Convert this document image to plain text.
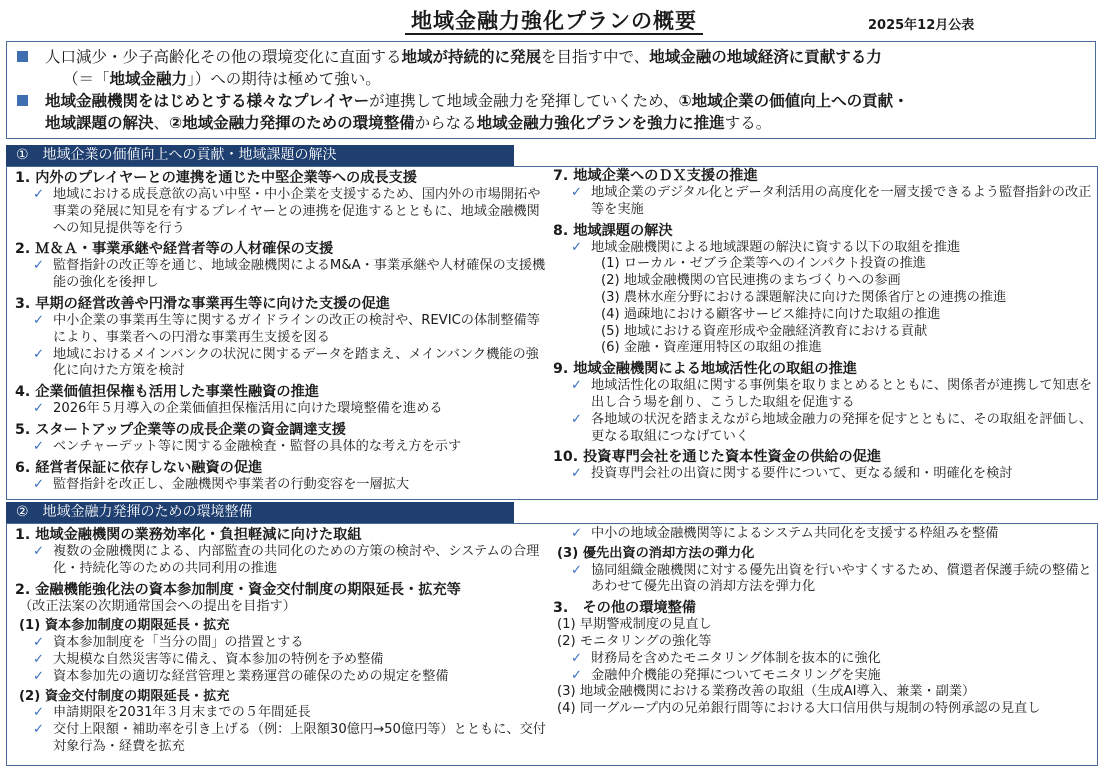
地域金融力強化プランの概要	2025年12月公表
人口減少・少子高齢化その他の環境変化に直面する地域が持続的に発展を目指す中で、地域金融の地域経済に貢献する力
（＝「地域金融力」）への期待は極めて強い。
地域金融機関をはじめとする様々なプレイヤーが連携して地域金融力を発揮していくため、①地域企業の価値向上への貢献・
地域課題の解決、②地域金融力発揮のための環境整備からなる地域金融力強化プランを強力に推進する。
①　地域企業の価値向上への貢献・地域課題の解決
1. 内外のプレイヤーとの連携を通じた中堅企業等への成長支援
✓ 地域における成長意欲の高い中堅・中小企業を支援するため、国内外の市場開拓や事業の発展に知見を有するプレイヤーとの連携を促進するとともに、地域金融機関への知見提供等を行う
2. Ｍ＆Ａ・事業承継や経営者等の人材確保の支援
✓ 監督指針の改正等を通じ、地域金融機関によるM&A・事業承継や人材確保の支援機能の強化を後押し
3. 早期の経営改善や円滑な事業再生等に向けた支援の促進
✓ 中小企業の事業再生等に関するガイドラインの改正の検討や、REVICの体制整備等により、事業者への円滑な事業再生支援を図る
✓ 地域におけるメインバンクの状況に関するデータを踏まえ、メインバンク機能の強化に向けた方策を検討
4. 企業価値担保権も活用した事業性融資の推進
✓ 2026年５月導入の企業価値担保権活用に向けた環境整備を進める
5. スタートアップ企業等の成長企業の資金調達支援
✓ ベンチャーデット等に関する金融検査・監督の具体的な考え方を示す
6. 経営者保証に依存しない融資の促進
✓ 監督指針を改正し、金融機関や事業者の行動変容を一層拡大
7. 地域企業へのＤＸ支援の推進
✓ 地域企業のデジタル化とデータ利活用の高度化を一層支援できるよう監督指針の改正等を実施
8. 地域課題の解決
✓ 地域金融機関による地域課題の解決に資する以下の取組を推進
(1) ローカル・ゼブラ企業等へのインパクト投資の推進
(2) 地域金融機関の官民連携のまちづくりへの参画
(3) 農林水産分野における課題解決に向けた関係省庁との連携の推進
(4) 過疎地における顧客サービス維持に向けた取組の推進
(5) 地域における資産形成や金融経済教育における貢献
(6) 金融・資産運用特区の取組の推進
9. 地域金融機関による地域活性化の取組の推進
✓ 地域活性化の取組に関する事例集を取りまとめるとともに、関係者が連携して知恵を出し合う場を創り、こうした取組を促進する
✓ 各地域の状況を踏まえながら地域金融力の発揮を促すとともに、その取組を評価し、更なる取組につなげていく
10. 投資専門会社を通じた資本性資金の供給の促進
✓ 投資専門会社の出資に関する要件について、更なる緩和・明確化を検討
②　地域金融力発揮のための環境整備
1. 地域金融機関の業務効率化・負担軽減に向けた取組
✓ 複数の金融機関による、内部監査の共同化のための方策の検討や、システムの合理化・持続化等のための共同利用の推進
2. 金融機能強化法の資本参加制度・資金交付制度の期限延長・拡充等
（改正法案の次期通常国会への提出を目指す）
(1) 資本参加制度の期限延長・拡充
✓ 資本参加制度を「当分の間」の措置とする
✓ 大規模な自然災害等に備え、資本参加の特例を予め整備
✓ 資本参加先の適切な経営管理と業務運営の確保のための規定を整備
(2) 資金交付制度の期限延長・拡充
✓ 申請期限を2031年３月末までの５年間延長
✓ 交付上限額・補助率を引き上げる（例：上限額30億円→50億円等）とともに、交付対象行為・経費を拡充
✓ 中小の地域金融機関等によるシステム共同化を支援する枠組みを整備
(3) 優先出資の消却方法の弾力化
✓ 協同組織金融機関に対する優先出資を行いやすくするため、償還者保護手続の整備とあわせて優先出資の消却方法を弾力化
3.　その他の環境整備
(1) 早期警戒制度の見直し
(2) モニタリングの強化等
✓ 財務局を含めたモニタリング体制を抜本的に強化
✓ 金融仲介機能の発揮についてモニタリングを実施
(3) 地域金融機関における業務改善の取組（生成AI導入、兼業・副業）
(4) 同一グループ内の兄弟銀行間等における大口信用供与規制の特例承認の見直し
